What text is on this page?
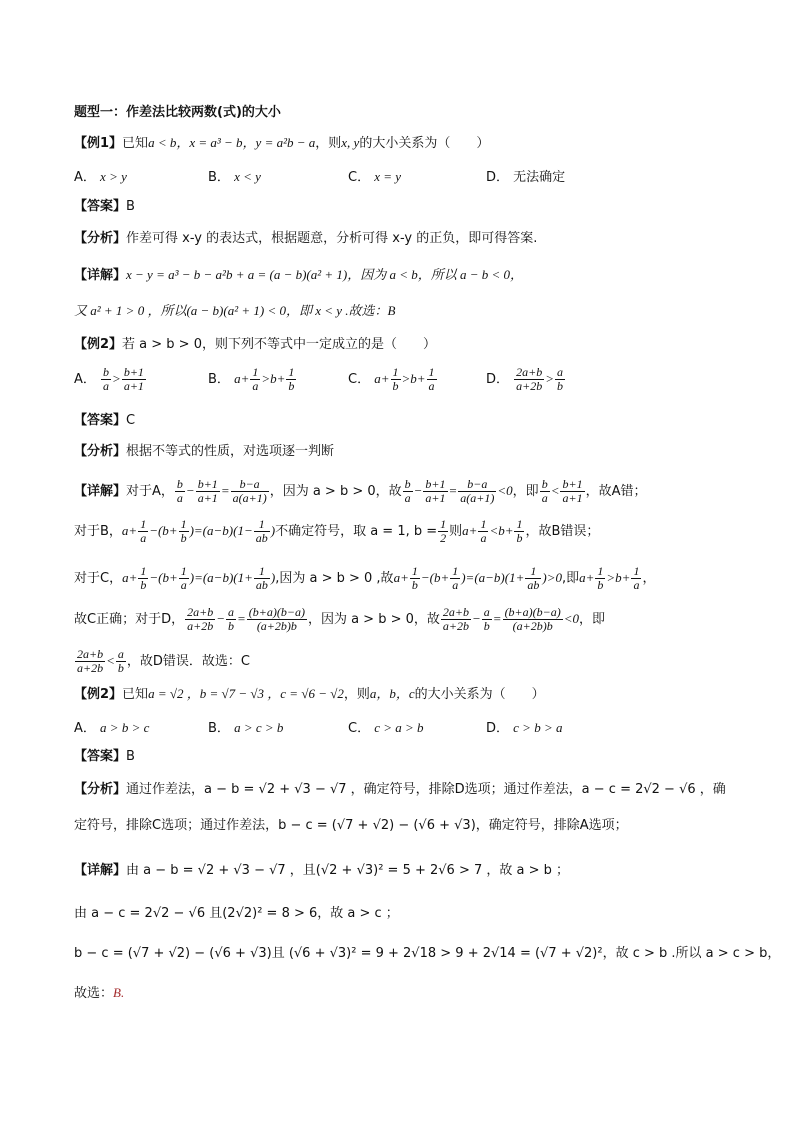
题型一：作差法比较两数(式)的大小
【例1】已知a < b，x = a³ − b，y = a²b − a，则x, y的大小关系为（　　）
A． x > y	B． x < y	C． x = y	D． 无法确定
【答案】B
【分析】作差可得 x-y 的表达式，根据题意，分析可得 x-y 的正负，即可得答案.
【详解】x − y = a³ − b − a²b + a = (a − b)(a² + 1)，因为 a < b，所以 a − b < 0，
又 a² + 1 > 0 ，所以(a − b)(a² + 1) < 0，即 x < y .故选：B
【例2】若 a > b > 0，则下列不等式中一定成立的是（　　）
A． $\frac{b}{a} > \frac{b+1}{a+1}$	B． $a+ \frac{1}{a} >b+ \frac{1}{b}$	C． $a+ \frac{1}{b} >b+ \frac{1}{a}$	D． $\frac{2a+b}{a+2b} > \frac{a}{b}$
【答案】C
【分析】根据不等式的性质，对选项逐一判断
【详解】对于A， $\frac{b}{a} - \frac{b+1}{a+1} = \frac{b-a}{a(a+1)}$ ，因为 a > b > 0，故 $\frac{b}{a} - \frac{b+1}{a+1} = \frac{b-a}{a(a+1)} <0$，即 $\frac{b}{a} < \frac{b+1}{a+1}$ ，故A错；
对于B，$a+ \frac{1}{a} -(b+ \frac{1}{b} )=(a-b)(1- \frac{1}{ab}$ )不确定符号，取 a = 1, $b = \frac{1}{2}$ 则$a+ \frac{1}{a} <b+ \frac{1}{b}$ ，故B错误；
对于C，$a+ \frac{1}{b} -(b+ \frac{1}{a} )=(a-b)(1+ \frac{1}{ab}$ ),因为 a > b > 0 ,故$a+ \frac{1}{b} -(b+ \frac{1}{a} )=(a-b)(1+ \frac{1}{ab} )>0$,即$a+ \frac{1}{b} >b+ \frac{1}{a}$ ，
故C正确；对于D， $\frac{2a+b}{a+2b} - \frac{a}{b} = \frac{(b+a)(b-a)}{(a+2b)b}$ ，因为 a > b > 0，故 $\frac{2a+b}{a+2b} - \frac{a}{b} = \frac{(b+a)(b-a)}{(a+2b)b} <0$，即
$\frac{2a+b}{a+2b} < \frac{a}{b}$ ，故D错误．故选：C
【例2】已知a = √2 ，b = √7 − √3 ，c = √6 − √2，则a，b，c的大小关系为（　　）
A． a > b > c	B． a > c > b	C． c > a > b	D． c > b > a
【答案】B
【分析】通过作差法，a − b = √2 + √3 − √7 ，确定符号，排除D选项；通过作差法，a − c = 2√2 − √6 ，确
定符号，排除C选项；通过作差法，b − c = (√7 + √2) − (√6 + √3)，确定符号，排除A选项；
【详解】由 a − b = √2 + √3 − √7 ，且(√2 + √3)² = 5 + 2√6 > 7 ，故 a > b ；
由 a − c = 2√2 − √6 且(2√2)² = 8 > 6，故 a > c ；
b − c = (√7 + √2) − (√6 + √3)且 (√6 + √3)² = 9 + 2√18 > 9 + 2√14 = (√7 + √2)²，故 c > b .所以 a > c > b，
故选：B.
